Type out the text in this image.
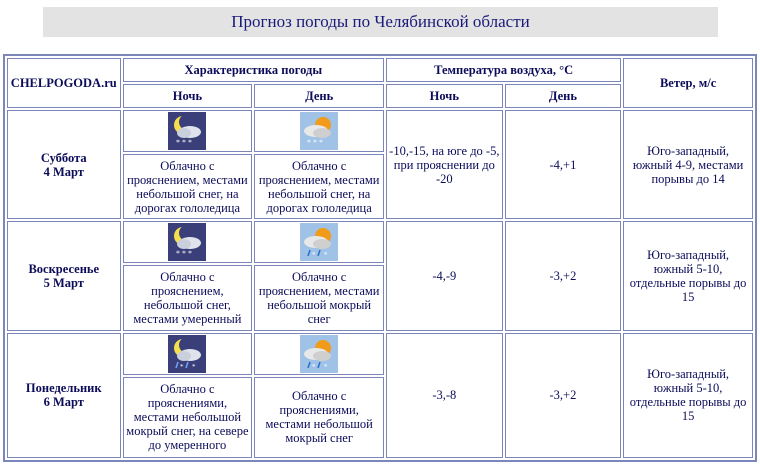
Прогноз погоды по Челябинской области
CHELPOGODA.ru	Характеристика погоды		Температура воздуха, °C		Ветер, м/с
	Ночь	День	Ночь	День	
Суббота
4 Март	* * *	* * *	-10,-15, на юге до -5, при прояснении до -20	-4,+1	Юго-западный, южный 4-9, местами порывы до 14
	Облачно с прояснением, местами небольшой снег, на дорогах гололедица	Облачно с прояснением, местами небольшой снег, на дорогах гололедица			
Воскресенье
5 Март	* * *	* *	-4,-9	-3,+2	Юго-западный, южный 5-10, отдельные порывы до 15
	Облачно с прояснением, небольшой снег, местами умеренный	Облачно с прояснением, местами небольшой мокрый снег			
Понедельник
6 Март	* *	* *	-3,-8	-3,+2	Юго-западный, южный 5-10, отдельные порывы до 15
	Облачно с прояснениями, местами небольшой мокрый снег, на севере до умеренного	Облачно с прояснениями, местами небольшой мокрый снег			
